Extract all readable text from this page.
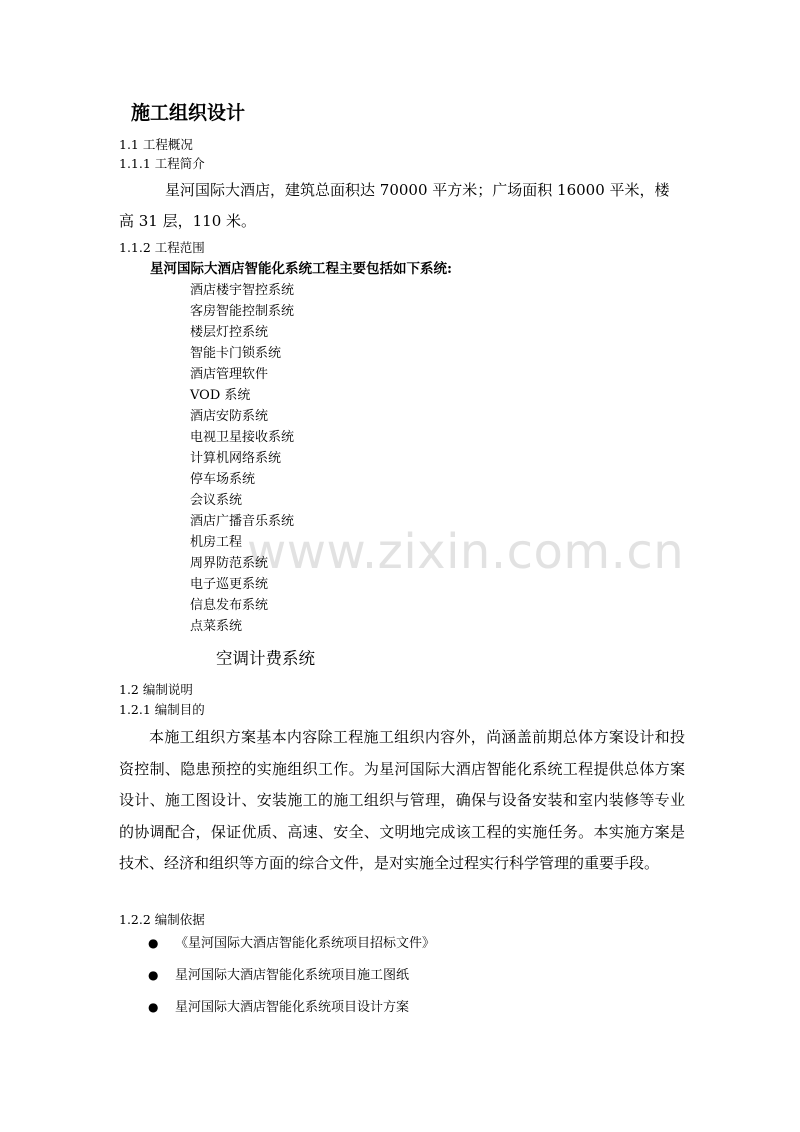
www.zixin.com.cn
施工组织设计
1.1 工程概况
1.1.1 工程简介
星河国际大酒店，建筑总面积达 70000 平方米；广场面积 16000 平米，楼
高 31 层，110 米。
1.1.2 工程范围
星河国际大酒店智能化系统工程主要包括如下系统:
酒店楼宇智控系统
客房智能控制系统
楼层灯控系统
智能卡门锁系统
酒店管理软件
VOD 系统
酒店安防系统
电视卫星接收系统
计算机网络系统
停车场系统
会议系统
酒店广播音乐系统
机房工程
周界防范系统
电子巡更系统
信息发布系统
点菜系统
空调计费系统
1.2 编制说明
1.2.1 编制目的

本施工组织方案基本内容除工程施工组织内容外，尚涵盖前期总体方案设计和投资控制、隐患预控的实施组织工作。为星河国际大酒店智能化系统工程提供总体方案设计、施工图设计、安装施工的施工组织与管理，确保与设备安装和室内装修等专业的协调配合，保证优质、高速、安全、文明地完成该工程的实施任务。本实施方案是技术、经济和组织等方面的综合文件，是对实施全过程实行科学管理的重要手段。

1.2.2 编制依据
● 《星河国际大酒店智能化系统项目招标文件》
● 星河国际大酒店智能化系统项目施工图纸
● 星河国际大酒店智能化系统项目设计方案
